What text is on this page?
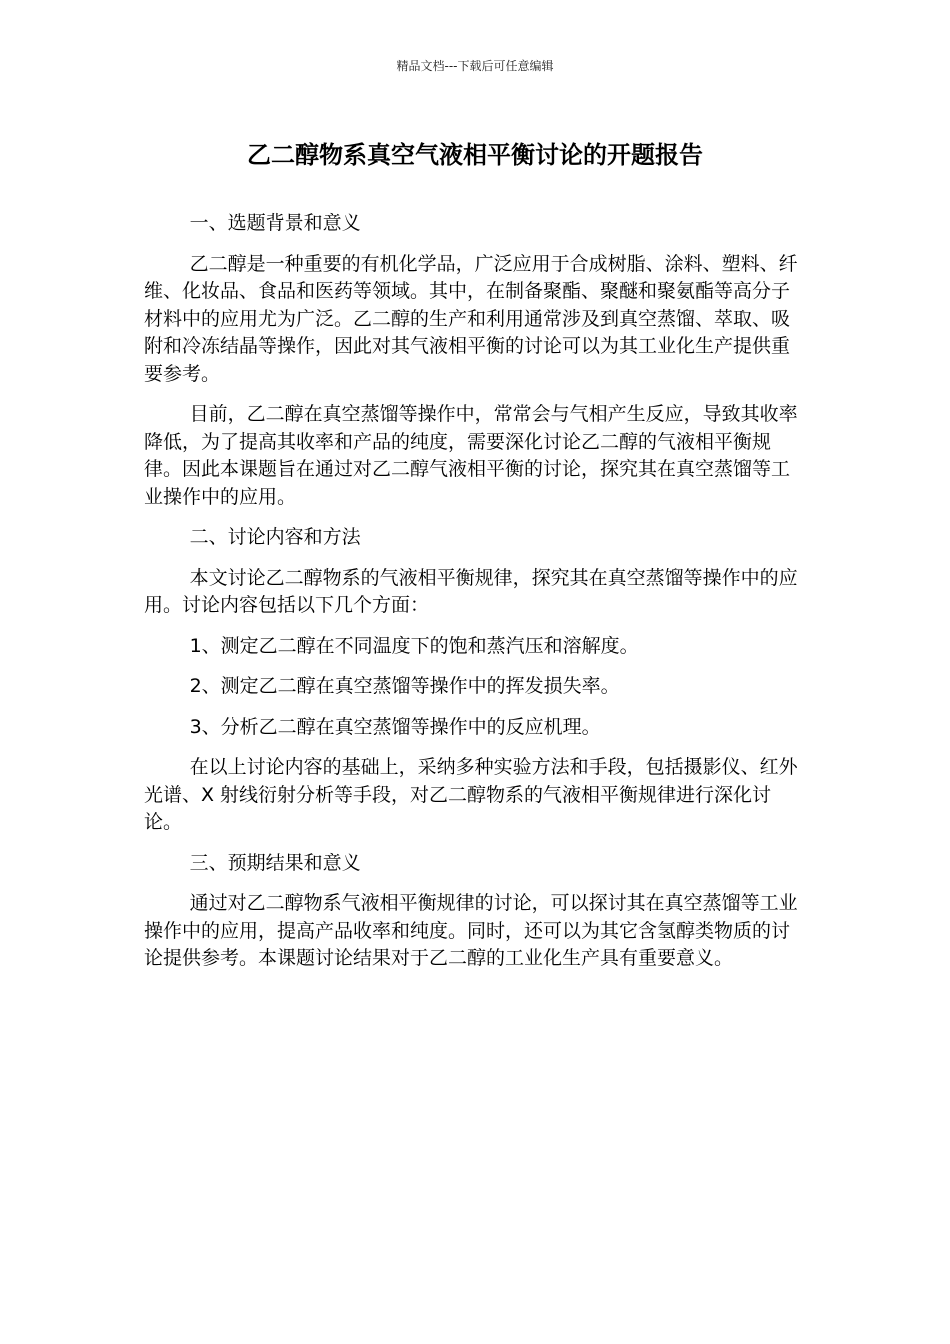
精品文档---下载后可任意编辑
乙二醇物系真空气液相平衡讨论的开题报告

一、选题背景和意义

乙二醇是一种重要的有机化学品，广泛应用于合成树脂、涂料、塑料、纤维、化妆品、食品和医药等领域。其中，在制备聚酯、聚醚和聚氨酯等高分子材料中的应用尤为广泛。乙二醇的生产和利用通常涉及到真空蒸馏、萃取、吸附和冷冻结晶等操作，因此对其气液相平衡的讨论可以为其工业化生产提供重要参考。

目前，乙二醇在真空蒸馏等操作中，常常会与气相产生反应，导致其收率降低，为了提高其收率和产品的纯度，需要深化讨论乙二醇的气液相平衡规律。因此本课题旨在通过对乙二醇气液相平衡的讨论，探究其在真空蒸馏等工业操作中的应用。

二、讨论内容和方法

本文讨论乙二醇物系的气液相平衡规律，探究其在真空蒸馏等操作中的应用。讨论内容包括以下几个方面：

1、测定乙二醇在不同温度下的饱和蒸汽压和溶解度。

2、测定乙二醇在真空蒸馏等操作中的挥发损失率。

3、分析乙二醇在真空蒸馏等操作中的反应机理。

在以上讨论内容的基础上，采纳多种实验方法和手段，包括摄影仪、红外光谱、X 射线衍射分析等手段，对乙二醇物系的气液相平衡规律进行深化讨论。

三、预期结果和意义

通过对乙二醇物系气液相平衡规律的讨论，可以探讨其在真空蒸馏等工业操作中的应用，提高产品收率和纯度。同时，还可以为其它含氢醇类物质的讨论提供参考。本课题讨论结果对于乙二醇的工业化生产具有重要意义。
